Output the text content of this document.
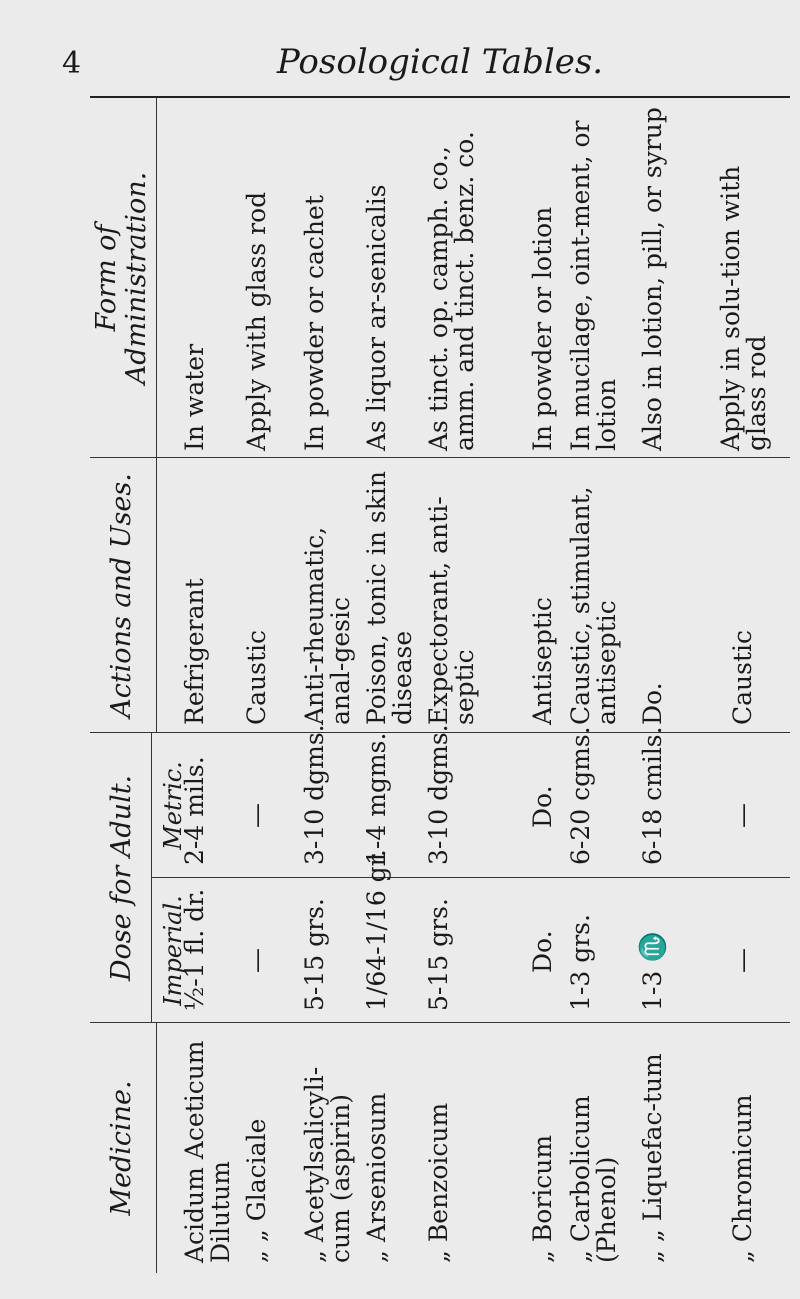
4	Posological Tables.
Medicine.
Dose for Adult. Imperial.
Metric.
Actions and Uses.
Form of Administration.
Acidum Aceticum Dilutum
½-1 fl. dr.
2-4 mils.
Refrigerant
In water
„ „ Glaciale
—
—
Caustic
Apply with glass rod
„ Acetylsalicyli-cum (aspirin)
5-15 grs.
3-10 dgms.
Anti-rheumatic, anal-gesic
In powder or cachet
„ Arseniosum
1/64-1/16 gr.
1-4 mgms.
Poison, tonic in skin disease
As liquor ar-senicalis
„ Benzoicum
5-15 grs.
3-10 dgms.
Expectorant, anti-septic
As tinct. op. camph. co., amm. and tinct. benz. co.
„ Boricum
Do.
Do.
Antiseptic
In powder or lotion
„ Carbolicum (Phenol)
1-3 grs.
6-20 cgms.
Caustic, stimulant, antiseptic
In mucilage, oint-ment, or lotion
„ „ Liquefac-tum
1-3 ♏
6-18 cmils.
Do.
Also in lotion, pill, or syrup
„ Chromicum
—
—
Caustic
Apply in solu-tion with glass rod
